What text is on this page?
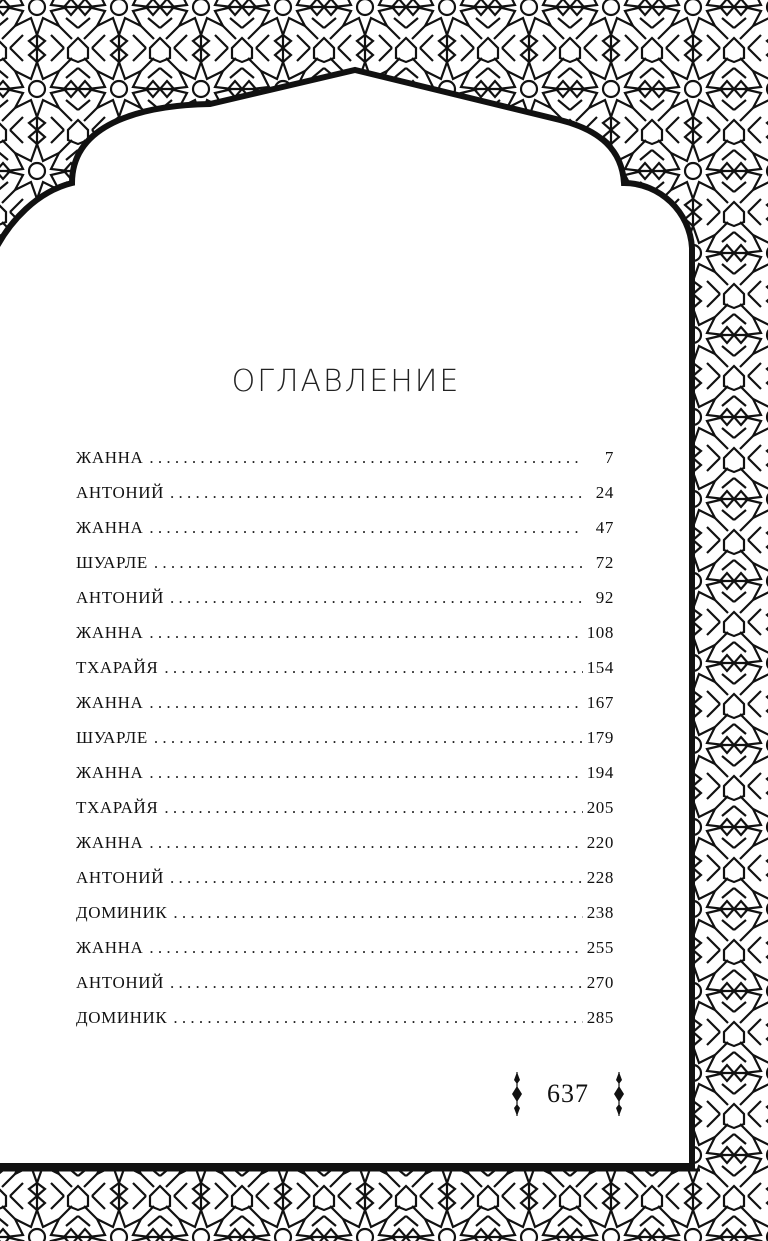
ОГЛАВЛЕНИЕ
ЖАННА . . .	7
АНТОНИЙ . . .	24
ЖАННА . . .	47
ШУАРЛЕ . . .	72
АНТОНИЙ . . .	92
ЖАННА . . .	108
ТХАРАЙЯ . . .	154
ЖАННА . . .	167
ШУАРЛЕ . . .	179
ЖАННА . . .	194
ТХАРАЙЯ . . .	205
ЖАННА . . .	220
АНТОНИЙ . . .	228
ДОМИНИК . . .	238
ЖАННА . . .	255
АНТОНИЙ . . .	270
ДОМИНИК . . .	285
637
